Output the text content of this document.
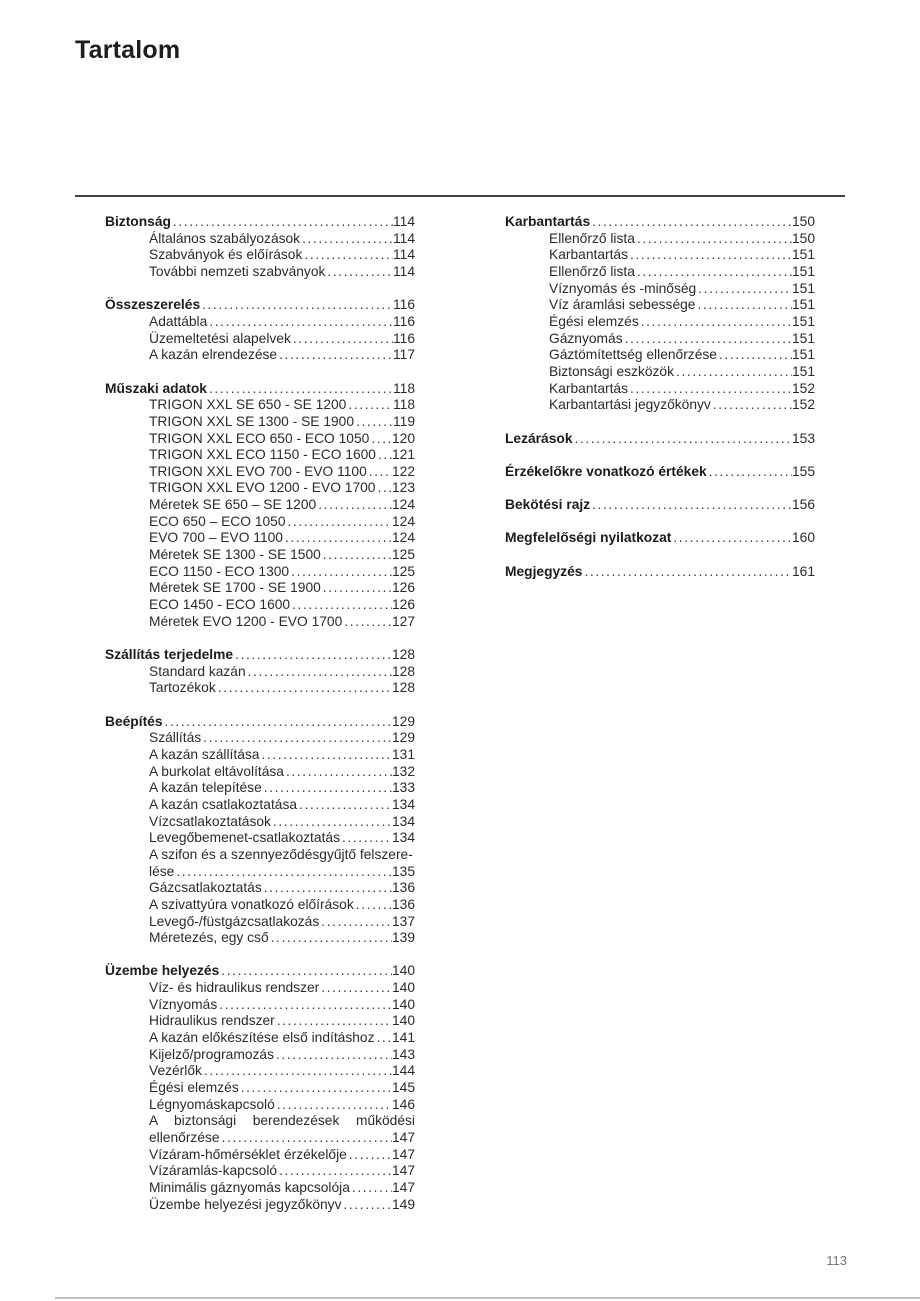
Tartalom
Biztonság .....	114
Általános szabályozások .....	114
Szabványok és előírások .....	114
További nemzeti szabványok .....	114
Összeszerelés .....	116
Adattábla .....	116
Üzemeltetési alapelvek .....	116
A kazán elrendezése .....	117
Műszaki adatok .....	118
TRIGON XXL SE 650 - SE 1200 .....	118
TRIGON XXL SE 1300 - SE 1900 .....	119
TRIGON XXL ECO 650 - ECO 1050 ..... 120
TRIGON XXL ECO 1150 - ECO 1600 ..... 121
TRIGON XXL EVO 700 - EVO 1100 ..... 122
TRIGON XXL EVO 1200 - EVO 1700 ..... 123
Méretek SE 650 – SE 1200 .....	124
ECO 650 – ECO 1050 .....	124
EVO 700 – EVO 1100 .....	124
Méretek SE 1300 - SE 1500 .....	125
ECO 1150 - ECO 1300 .....	125
Méretek SE 1700 - SE 1900 .....	126
ECO 1450 - ECO 1600 .....	126
Méretek EVO 1200 - EVO 1700 .....	127
Szállítás terjedelme .....	128
Standard kazán .....	128
Tartozékok .....	128
Beépítés .....	129
Szállítás .....	129
A kazán szállítása .....	131
A burkolat eltávolítása .....	132
A kazán telepítése .....	133
A kazán csatlakoztatása .....	134
Vízcsatlakoztatások .....	134
Levegőbemenet-csatlakoztatás .....	134
A szifon és a szennyeződésgyűjtő felszere-
lése .....	135
Gázcsatlakoztatás .....	136
A szivattyúra vonatkozó előírások .....	136
Levegő-/füstgázcsatlakozás .....	137
Méretezés, egy cső .....	139
Üzembe helyezés .....	140
Víz- és hidraulikus rendszer .....	140
Víznyomás .....	140
Hidraulikus rendszer .....	140
A kazán előkészítése első indításhoz ..... 141
Kijelző/programozás .....	143
Vezérlők .....	144
Égési elemzés .....	145
Légnyomáskapcsoló .....	146
A biztonsági berendezések működési
ellenőrzése .....	147
Vízáram-hőmérséklet érzékelője .....	147
Vízáramlás-kapcsoló .....	147
Minimális gáznyomás kapcsolója .....	147
Üzembe helyezési jegyzőkönyv .....	149
Karbantartás .....	150
Ellenőrző lista .....	150
Karbantartás .....	151
Ellenőrző lista .....	151
Víznyomás és -minőség .....	151
Víz áramlási sebessége .....	151
Égési elemzés .....	151
Gáznyomás .....	151
Gáztömítettség ellenőrzése .....	151
Biztonsági eszközök .....	151
Karbantartás .....	152
Karbantartási jegyzőkönyv .....	152
Lezárások .....	153
Érzékelőkre vonatkozó értékek .....	155
Bekötési rajz .....	156
Megfelelőségi nyilatkozat .....	160
Megjegyzés .....	161
113
